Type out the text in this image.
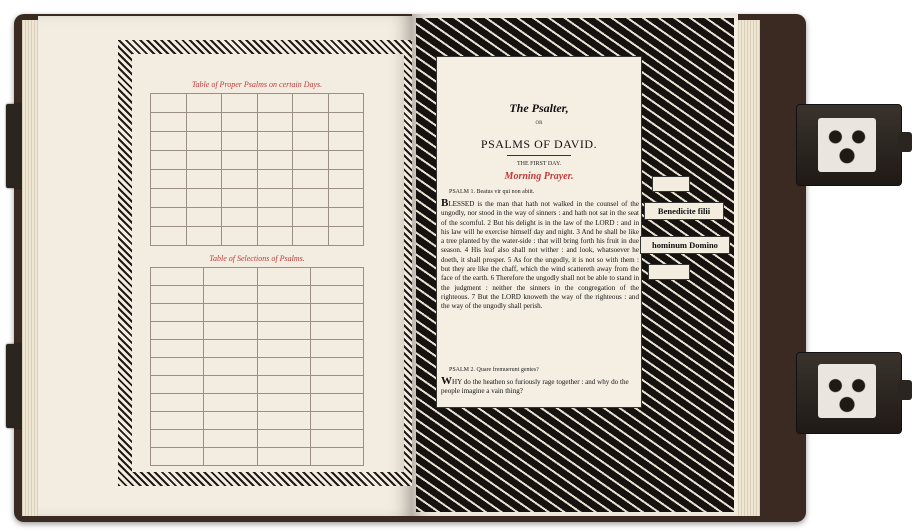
Table of Proper Psalms on certain Days.

Table of Selections of Psalms.

The Psalter,
OR
PSALMS OF DAVID.
THE FIRST DAY.
Morning Prayer.
PSALM 1. Beatus vir qui non abiit.
BLESSED is the man that hath not walked in the counsel of the ungodly, nor stood in the way of sinners : and hath not sat in the seat of the scornful. 2 But his delight is in the law of the LORD : and in his law will he exercise himself day and night. 3 And he shall be like a tree planted by the water-side : that will bring forth his fruit in due season. 4 His leaf also shall not wither : and look, whatsoever he doeth, it shall prosper. 5 As for the ungodly, it is not so with them : but they are like the chaff, which the wind scattereth away from the face of the earth. 6 Therefore the ungodly shall not be able to stand in the judgment : neither the sinners in the congregation of the righteous. 7 But the LORD knoweth the way of the righteous : and the way of the ungodly shall perish.
PSALM 2. Quare fremuerunt gentes?
WHY do the heathen so furiously rage together : and why do the people imagine a vain thing?
Benedicite filii
hominum Domino
